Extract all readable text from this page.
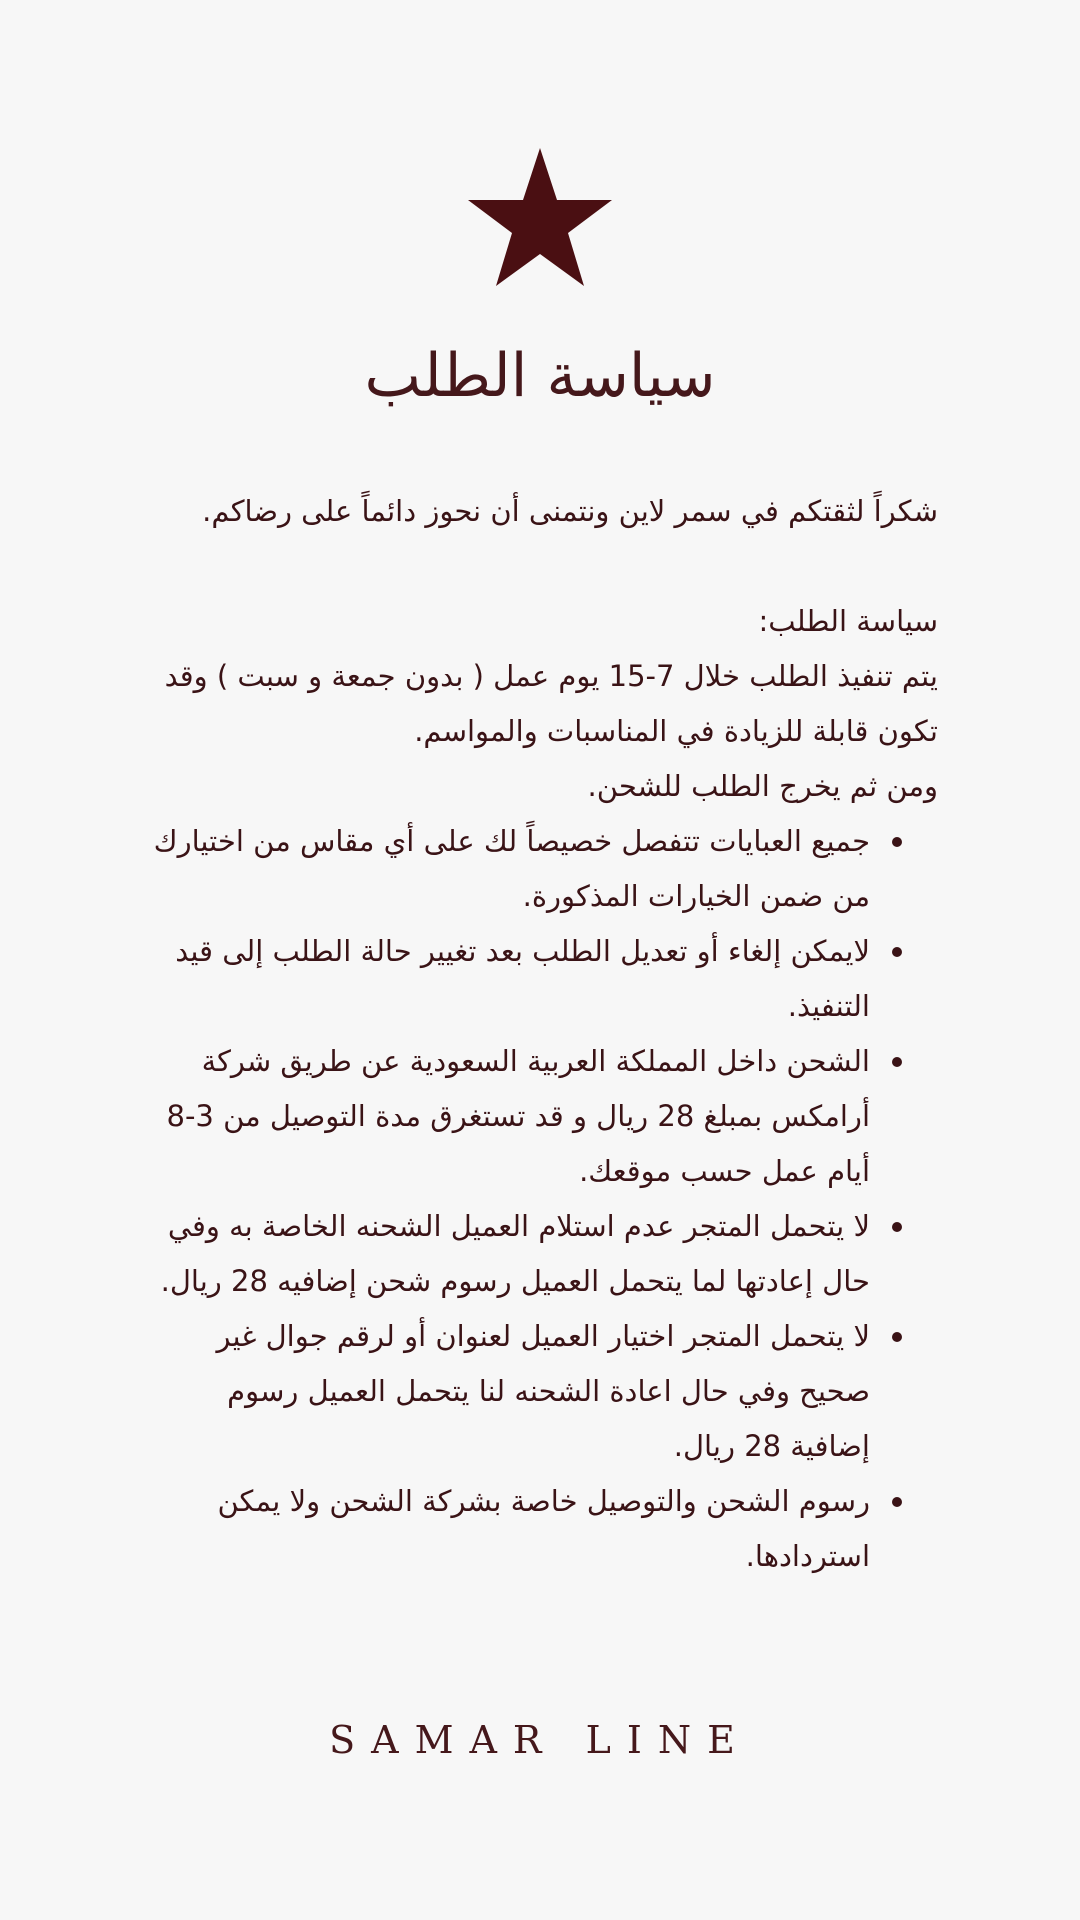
سياسة الطلب

شكراً لثقتكم في سمر لاين ونتمنى أن نحوز دائماً على رضاكم.

سياسة الطلب:

يتم تنفيذ الطلب خلال 7-15 يوم عمل ( بدون جمعة و سبت ) وقد تكون قابلة للزيادة في المناسبات والمواسم.

ومن ثم يخرج الطلب للشحن.

جميع العبايات تتفصل خصيصاً لك على أي مقاس من اختيارك من ضمن الخيارات المذكورة.
لايمكن إلغاء أو تعديل الطلب بعد تغيير حالة الطلب إلى قيد التنفيذ.
الشحن داخل المملكة العربية السعودية عن طريق شركة أرامكس بمبلغ 28 ريال و قد تستغرق مدة التوصيل من 3-8 أيام عمل حسب موقعك.
لا يتحمل المتجر عدم استلام العميل الشحنه الخاصة به وفي حال إعادتها لما يتحمل العميل رسوم شحن إضافيه 28 ريال.
لا يتحمل المتجر اختيار العميل لعنوان أو لرقم جوال غير صحيح وفي حال اعادة الشحنه لنا يتحمل العميل رسوم إضافية 28 ريال.
رسوم الشحن والتوصيل خاصة بشركة الشحن ولا يمكن استردادها.
SAMAR LINE
